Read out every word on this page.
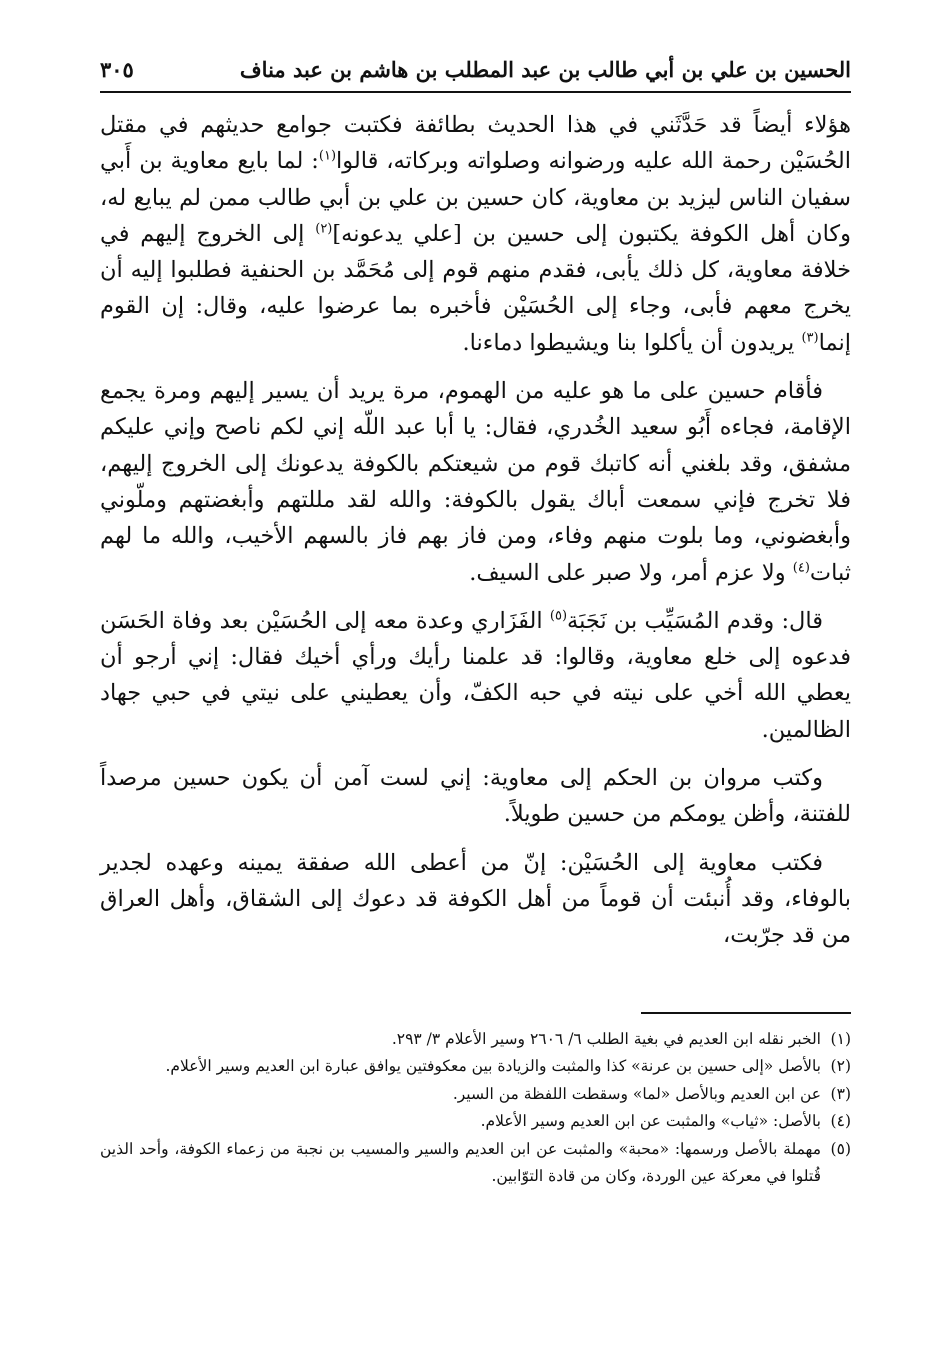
الحسين بن علي بن أبي طالب بن عبد المطلب بن هاشم بن عبد مناف
٣٠٥

هؤلاء أيضاً قد حَدَّثَني في هذا الحديث بطائفة فكتبت جوامع حديثهم في مقتل الحُسَيْن رحمة الله عليه ورضوانه وصلواته وبركاته، قالوا$^{(١)}$: لما بايع معاوية بن أَبي سفيان الناس ليزيد بن معاوية، كان حسين بن علي بن أبي طالب ممن لم يبايع له، وكان أهل الكوفة يكتبون إلى حسين بن [علي يدعونه]$^{(٢)}$ إلى الخروج إليهم في خلافة معاوية، كل ذلك يأبى، فقدم منهم قوم إلى مُحَمَّد بن الحنفية فطلبوا إليه أن يخرج معهم فأبى، وجاء إلى الحُسَيْن فأخبره بما عرضوا عليه، وقال: إن القوم إنما$^{(٣)}$ يريدون أن يأكلوا بنا ويشيطوا دماءنا.

فأقام حسين على ما هو عليه من الهموم، مرة يريد أن يسير إليهم ومرة يجمع الإقامة، فجاءه أَبُو سعيد الخُدري، فقال: يا أبا عبد اللّه إني لكم ناصح وإني عليكم مشفق، وقد بلغني أنه كاتبك قوم من شيعتكم بالكوفة يدعونك إلى الخروج إليهم، فلا تخرج فإني سمعت أباك يقول بالكوفة: والله لقد مللتهم وأبغضتهم وملّوني وأبغضوني، وما بلوت منهم وفاء، ومن فاز بهم فاز بالسهم الأخيب، والله ما لهم ثبات$^{(٤)}$ ولا عزم أمر، ولا صبر على السيف.

قال: وقدم المُسَيِّب بن نَجَبَة$^{(٥)}$ الفَزَاري وعدة معه إلى الحُسَيْن بعد وفاة الحَسَن فدعوه إلى خلع معاوية، وقالوا: قد علمنا رأيك ورأي أخيك فقال: إني أرجو أن يعطي الله أخي على نيته في حبه الكفّ، وأن يعطيني على نيتي في حبي جهاد الظالمين.

وكتب مروان بن الحكم إلى معاوية: إني لست آمن أن يكون حسين مرصداً للفتنة، وأظن يومكم من حسين طويلاً.

فكتب معاوية إلى الحُسَيْن: إنّ من أعطى الله صفقة يمينه وعهده لجدير بالوفاء، وقد أُنبئت أن قوماً من أهل الكوفة قد دعوك إلى الشقاق، وأهل العراق من قد جرّبت،

(١)
الخبر نقله ابن العديم في بغية الطلب ٦/ ٢٦٠٦ وسير الأعلام ٣/ ٢٩٣.
(٢)
بالأصل «إلى حسين بن عرنة» كذا والمثبت والزيادة بين معكوفتين يوافق عبارة ابن العديم وسير الأعلام.
(٣)
عن ابن العديم وبالأصل «لما» وسقطت اللفظة من السير.
(٤)
بالأصل: «ثياب» والمثبت عن ابن العديم وسير الأعلام.
(٥)
مهملة بالأصل ورسمها: «محبة» والمثبت عن ابن العديم والسير والمسيب بن نجبة من زعماء الكوفة، وأحد الذين قُتلوا في معركة عين الوردة، وكان من قادة التوّابين.
